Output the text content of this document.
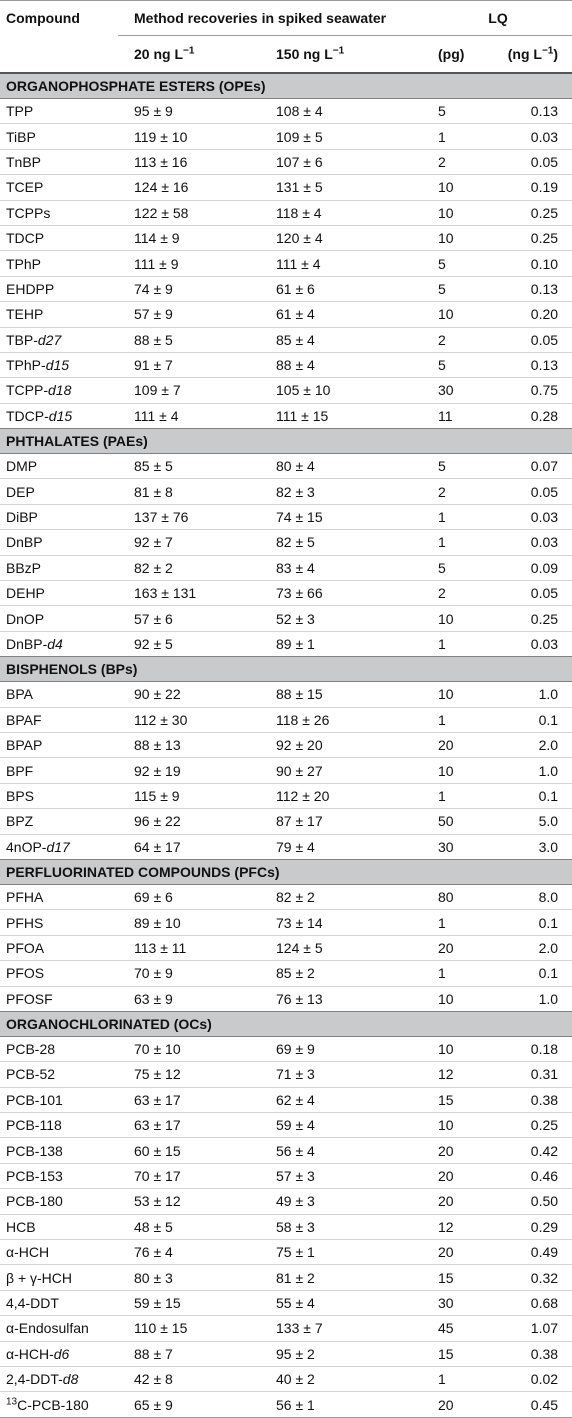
Compound	Method recoveries in spiked seawater		LQ	
	20 ng $L^{-1}$	150 ng $L^{-1}$	(pg)	(ng $L^{-1}$)
ORGANOPHOSPHATE ESTERS (OPEs)				
TPP	95 ± 9	108 ± 4	5	0.13
TiBP	119 ± 10	109 ± 5	1	0.03
TnBP	113 ± 16	107 ± 6	2	0.05
TCEP	124 ± 16	131 ± 5	10	0.19
TCPPs	122 ± 58	118 ± 4	10	0.25
TDCP	114 ± 9	120 ± 4	10	0.25
TPhP	111 ± 9	111 ± 4	5	0.10
EHDPP	74 ± 9	61 ± 6	5	0.13
TEHP	57 ± 9	61 ± 4	10	0.20
TBP-d27	88 ± 5	85 ± 4	2	0.05
TPhP-d15	91 ± 7	88 ± 4	5	0.13
TCPP-d18	109 ± 7	105 ± 10	30	0.75
TDCP-d15	111 ± 4	111 ± 15	11	0.28
PHTHALATES (PAEs)				
DMP	85 ± 5	80 ± 4	5	0.07
DEP	81 ± 8	82 ± 3	2	0.05
DiBP	137 ± 76	74 ± 15	1	0.03
DnBP	92 ± 7	82 ± 5	1	0.03
BBzP	82 ± 2	83 ± 4	5	0.09
DEHP	163 ± 131	73 ± 66	2	0.05
DnOP	57 ± 6	52 ± 3	10	0.25
DnBP-d4	92 ± 5	89 ± 1	1	0.03
BISPHENOLS (BPs)				
BPA	90 ± 22	88 ± 15	10	1.0
BPAF	112 ± 30	118 ± 26	1	0.1
BPAP	88 ± 13	92 ± 20	20	2.0
BPF	92 ± 19	90 ± 27	10	1.0
BPS	115 ± 9	112 ± 20	1	0.1
BPZ	96 ± 22	87 ± 17	50	5.0
4nOP-d17	64 ± 17	79 ± 4	30	3.0
PERFLUORINATED COMPOUNDS (PFCs)				
PFHA	69 ± 6	82 ± 2	80	8.0
PFHS	89 ± 10	73 ± 14	1	0.1
PFOA	113 ± 11	124 ± 5	20	2.0
PFOS	70 ± 9	85 ± 2	1	0.1
PFOSF	63 ± 9	76 ± 13	10	1.0
ORGANOCHLORINATED (OCs)				
PCB-28	70 ± 10	69 ± 9	10	0.18
PCB-52	75 ± 12	71 ± 3	12	0.31
PCB-101	63 ± 17	62 ± 4	15	0.38
PCB-118	63 ± 17	59 ± 4	10	0.25
PCB-138	60 ± 15	56 ± 4	20	0.42
PCB-153	70 ± 17	57 ± 3	20	0.46
PCB-180	53 ± 12	49 ± 3	20	0.50
HCB	48 ± 5	58 ± 3	12	0.29
α-HCH	76 ± 4	75 ± 1	20	0.49
β + γ-HCH	80 ± 3	81 ± 2	15	0.32
4,4-DDT	59 ± 15	55 ± 4	30	0.68
α-Endosulfan	110 ± 15	133 ± 7	45	1.07
α-HCH-d6	88 ± 7	95 ± 2	15	0.38
2,4-DDT-d8	42 ± 8	40 ± 2	1	0.02
$^{13}$C-PCB-180	65 ± 9	56 ± 1	20	0.45
